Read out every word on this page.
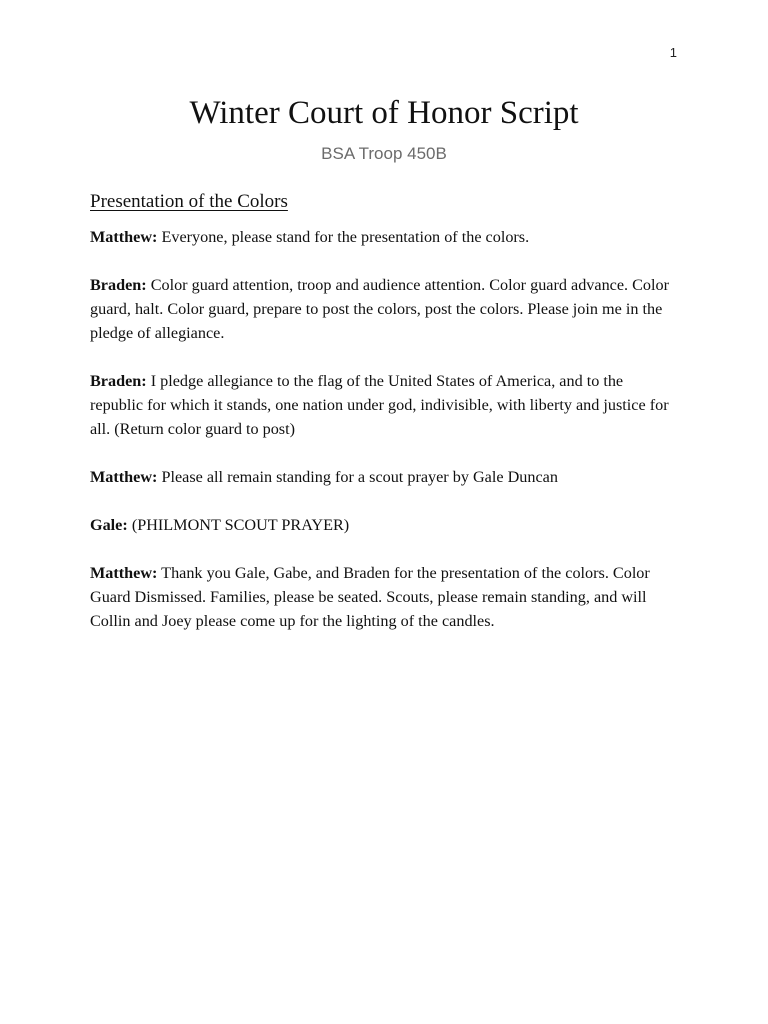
1

Winter Court of Honor Script

BSA Troop 450B

Presentation of the Colors

Matthew: Everyone, please stand for the presentation of the colors.

Braden: Color guard attention, troop and audience attention. Color guard advance. Color guard, halt. Color guard, prepare to post the colors, post the colors. Please join me in the pledge of allegiance.

Braden: I pledge allegiance to the flag of the United States of America, and to the republic for which it stands, one nation under god, indivisible, with liberty and justice for all. (Return color guard to post)

Matthew: Please all remain standing for a scout prayer by Gale Duncan

Gale: (PHILMONT SCOUT PRAYER)

Matthew: Thank you Gale, Gabe, and Braden for the presentation of the colors. Color Guard Dismissed. Families, please be seated. Scouts, please remain standing, and will Collin and Joey please come up for the lighting of the candles.
